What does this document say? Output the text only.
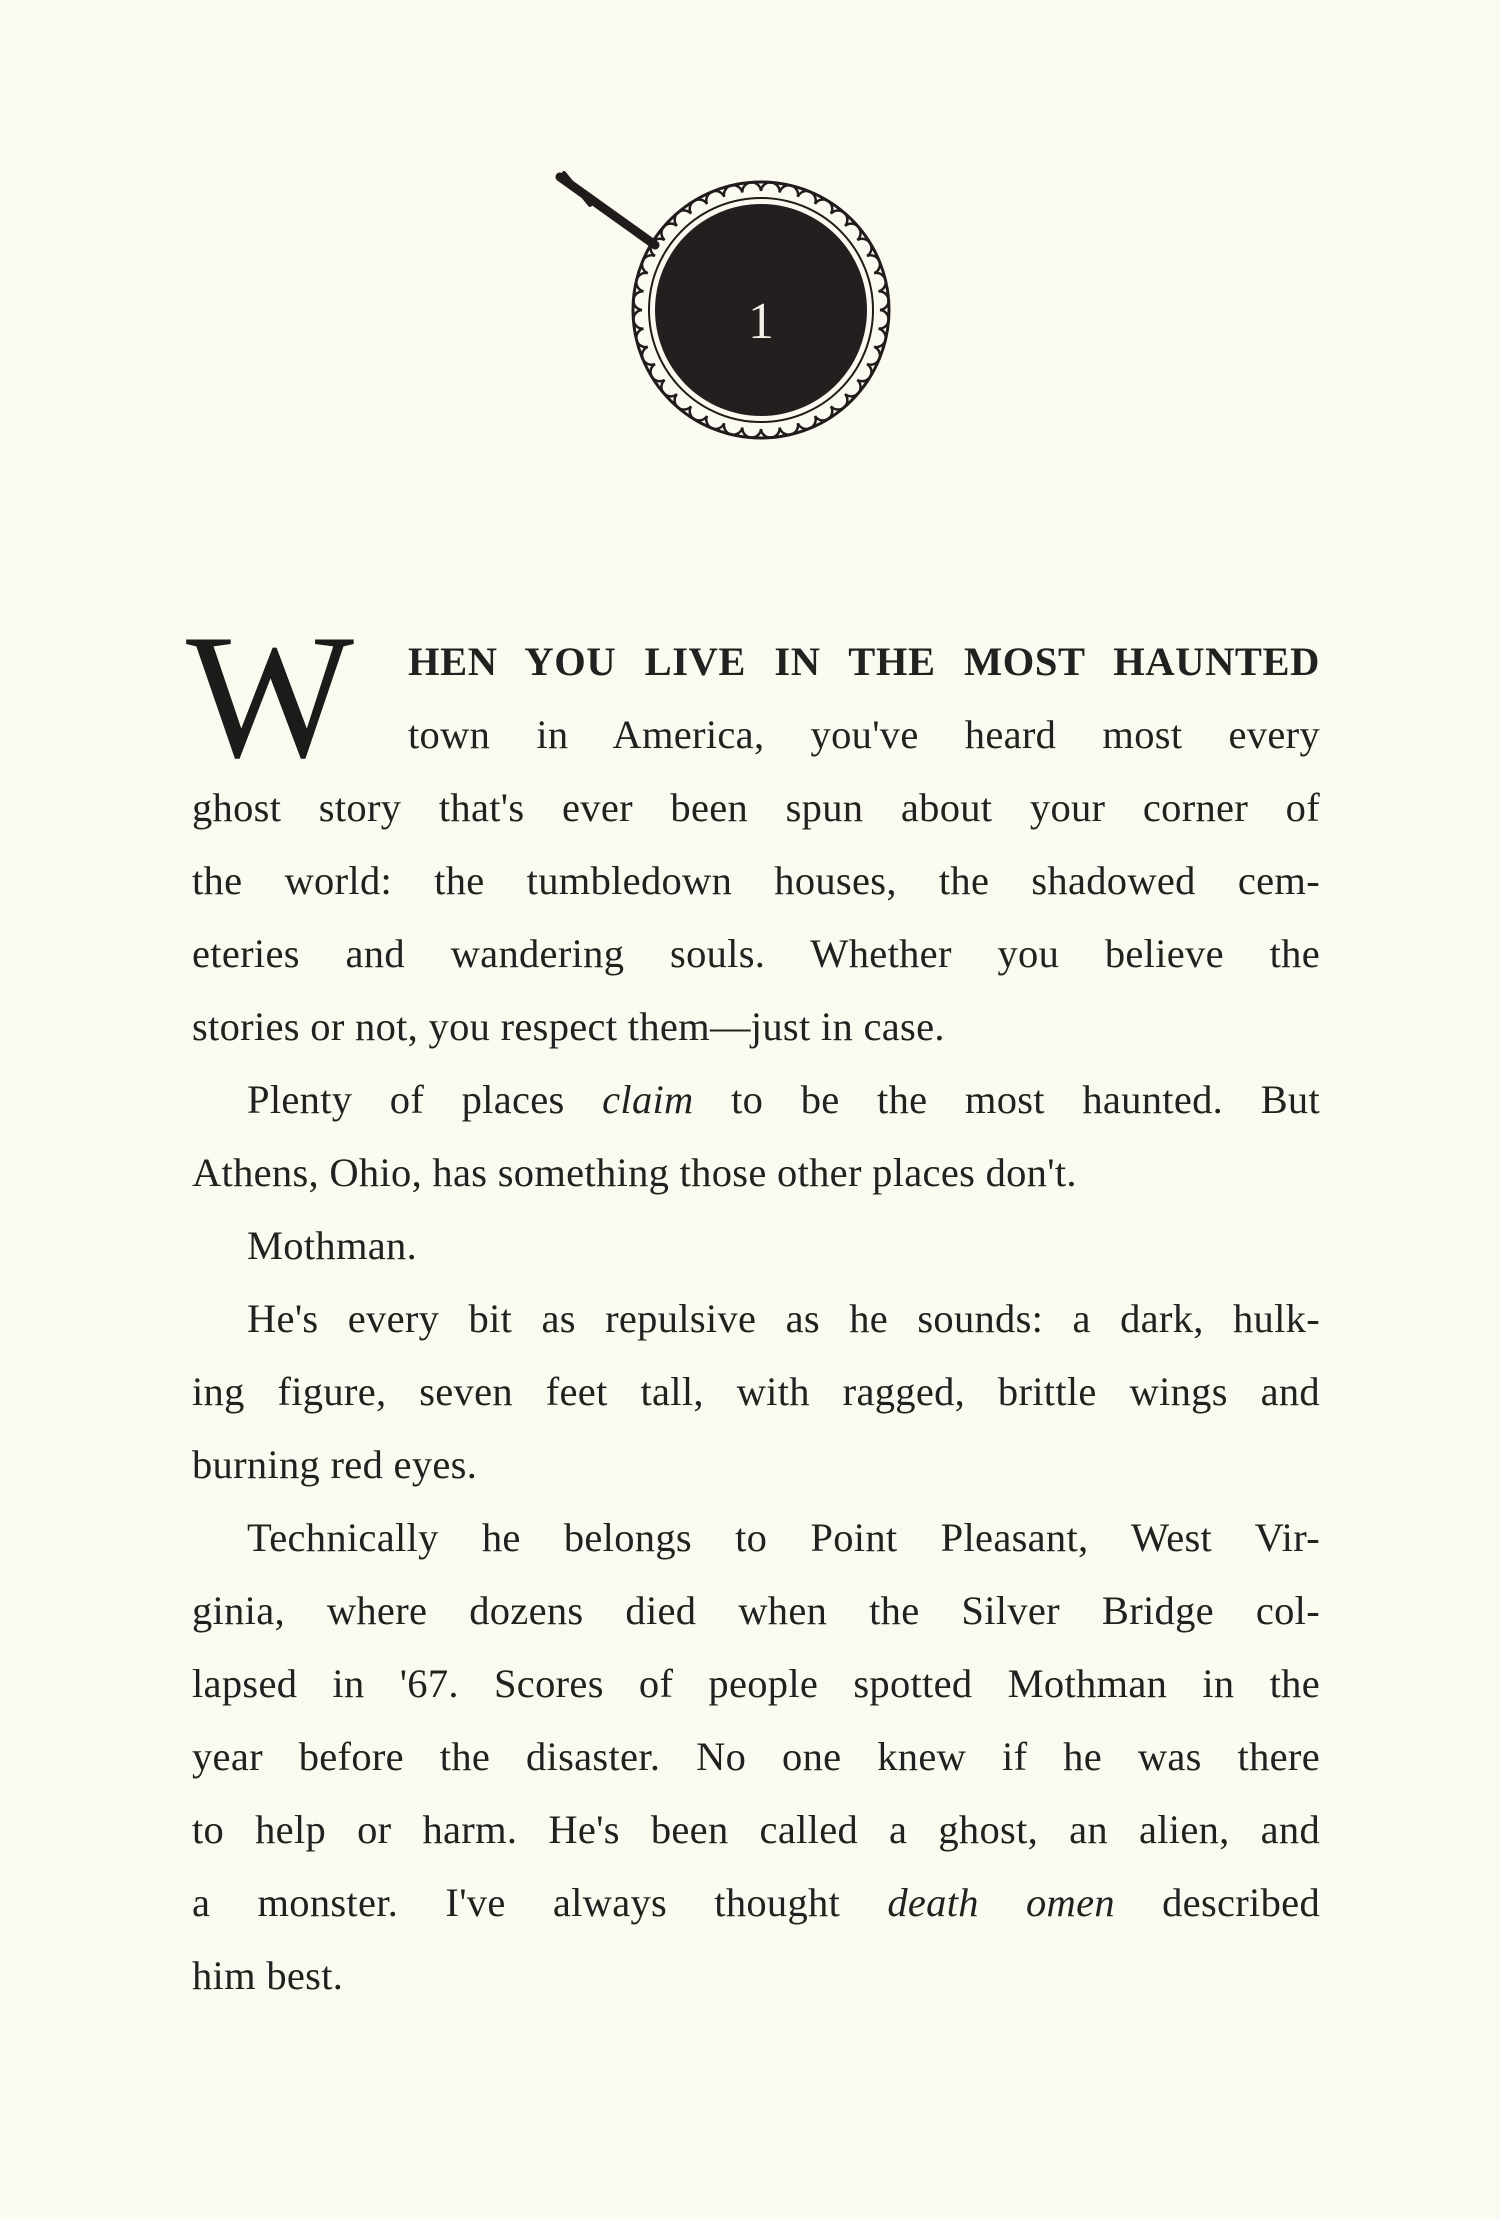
1
W HEN YOU LIVE IN THE MOST HAUNTED
town in America, you've heard most every
ghost story that's ever been spun about your corner of
the world: the tumbledown houses, the shadowed cem-
eteries and wandering souls. Whether you believe the
stories or not, you respect them—just in case.
Plenty of places claim to be the most haunted. But
Athens, Ohio, has something those other places don't.
Mothman.
He's every bit as repulsive as he sounds: a dark, hulk-
ing figure, seven feet tall, with ragged, brittle wings and
burning red eyes.
Technically he belongs to Point Pleasant, West Vir-
ginia, where dozens died when the Silver Bridge col-
lapsed in '67. Scores of people spotted Mothman in the
year before the disaster. No one knew if he was there
to help or harm. He's been called a ghost, an alien, and
a monster. I've always thought death omen described
him best.
